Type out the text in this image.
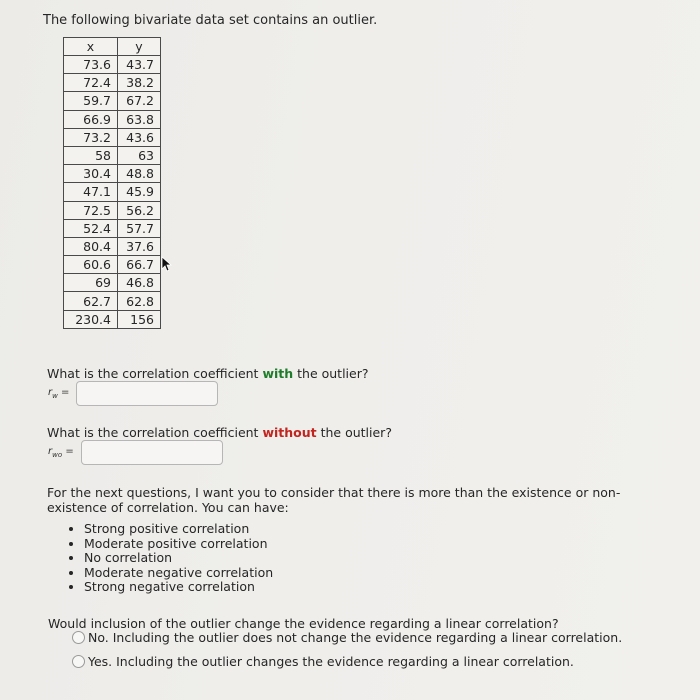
The following bivariate data set contains an outlier.
x	y
73.6	43.7
72.4	38.2
59.7	67.2
66.9	63.8
73.2	43.6
58	63
30.4	48.8
47.1	45.9
72.5	56.2
52.4	57.7
80.4	37.6
60.6	66.7
69	46.8
62.7	62.8
230.4	156
What is the correlation coefficient with the outlier?
$r_w$ =
What is the correlation coefficient without the outlier?
$r_{wo}$ =
For the next questions, I want you to consider that there is more than the existence or non-existence of correlation. You can have:
• Strong positive correlation
• Moderate positive correlation
• No correlation
• Moderate negative correlation
• Strong negative correlation
Would inclusion of the outlier change the evidence regarding a linear correlation?
No. Including the outlier does not change the evidence regarding a linear correlation.
Yes. Including the outlier changes the evidence regarding a linear correlation.
